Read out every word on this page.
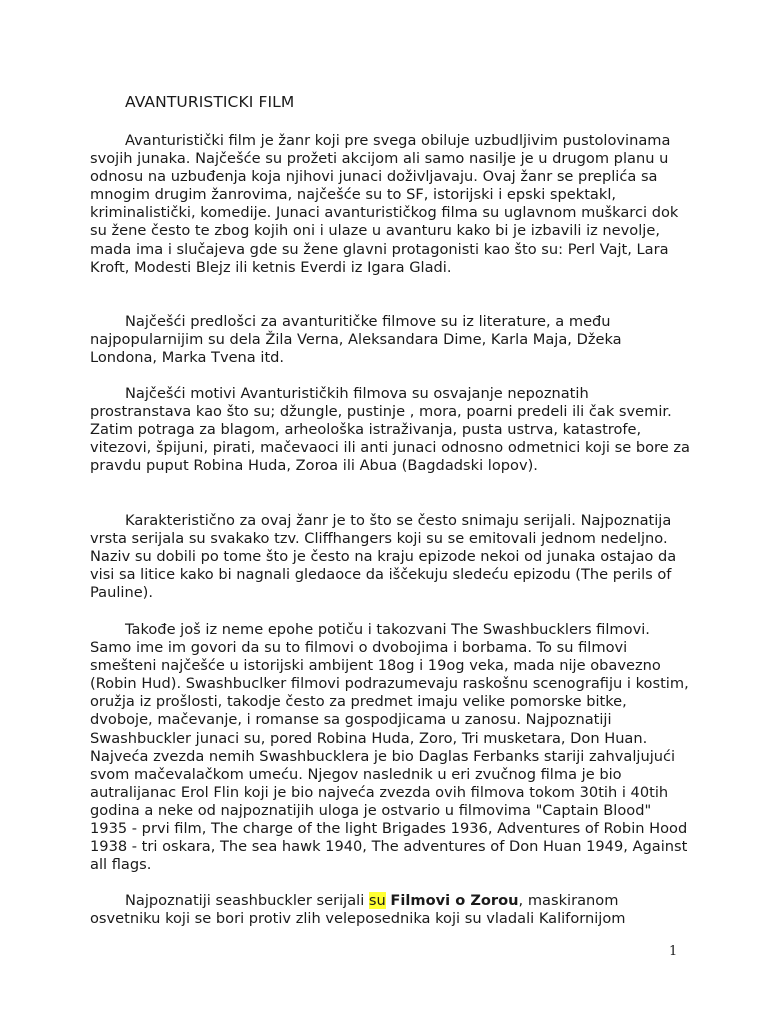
AVANTURISTICKI FILM

Avanturistički film je žanr koji pre svega obiluje uzbudljivim pustolovinama svojih junaka. Najčešće su prožeti akcijom ali samo nasilje je u drugom planu u odnosu na uzbuđenja koja njihovi junaci doživljavaju. Ovaj žanr se preplića sa mnogim drugim žanrovima, najčešće su to SF, istorijski i epski spektakl, kriminalistički, komedije. Junaci avanturističkog filma su uglavnom muškarci dok su žene često te zbog kojih oni i ulaze u avanturu kako bi je izbavili iz nevolje, mada ima i slučajeva gde su žene glavni protagonisti kao što su: Perl Vajt, Lara Kroft, Modesti Blejz ili ketnis Everdi iz Igara Gladi.

Najčešći predlošci za avanturitičke filmove su iz literature, a među najpopularnijim su dela Žila Verna, Aleksandara Dime, Karla Maja, Džeka Londona, Marka Tvena itd.

Najčešći motivi Avanturističkih filmova su osvajanje nepoznatih prostranstava kao što su; džungle, pustinje , mora, poarni predeli ili čak svemir. Zatim potraga za blagom, arheološka istraživanja, pusta ustrva, katastrofe, vitezovi, špijuni, pirati, mačevaoci ili anti junaci odnosno odmetnici koji se bore za pravdu puput Robina Huda, Zoroa ili Abua (Bagdadski lopov).

Karakteristično za ovaj žanr je to što se često snimaju serijali. Najpoznatija vrsta serijala su svakako tzv. Cliffhangers koji su se emitovali jednom nedeljno. Naziv su dobili po tome što je često na kraju epizode nekoi od junaka ostajao da visi sa litice kako bi nagnali gledaoce da iščekuju sledeću epizodu (The perils of Pauline).

Takođe još iz neme epohe potiču i takozvani The Swashbucklers filmovi. Samo ime im govori da su to filmovi o dvobojima i borbama. To su filmovi smešteni najčešće u istorijski ambijent 18og i 19og veka, mada nije obavezno (Robin Hud). Swashbuclker filmovi podrazumevaju raskošnu scenografiju i kostim, oružja iz prošlosti, takodje često za predmet imaju velike pomorske bitke, dvoboje, mačevanje, i romanse sa gospodjicama u zanosu. Najpoznatiji Swashbuckler junaci su, pored Robina Huda, Zoro, Tri musketara, Don Huan. Najveća zvezda nemih Swashbucklera je bio Daglas Ferbanks stariji zahvaljujući svom mačevalačkom umeću. Njegov naslednik u eri zvučnog filma je bio autralijanac Erol Flin koji je bio najveća zvezda ovih filmova tokom 30tih i 40tih godina a neke od najpoznatijih uloga je ostvario u filmovima "Captain Blood" 1935 - prvi film, The charge of the light Brigades 1936, Adventures of Robin Hood 1938 - tri oskara, The sea hawk 1940, The adventures of Don Huan 1949, Against all flags.

Najpoznatiji seashbuckler serijali su Filmovi o Zorou, maskiranom osvetniku koji se bori protiv zlih veleposednika koji su vladali Kalifornijom

1
